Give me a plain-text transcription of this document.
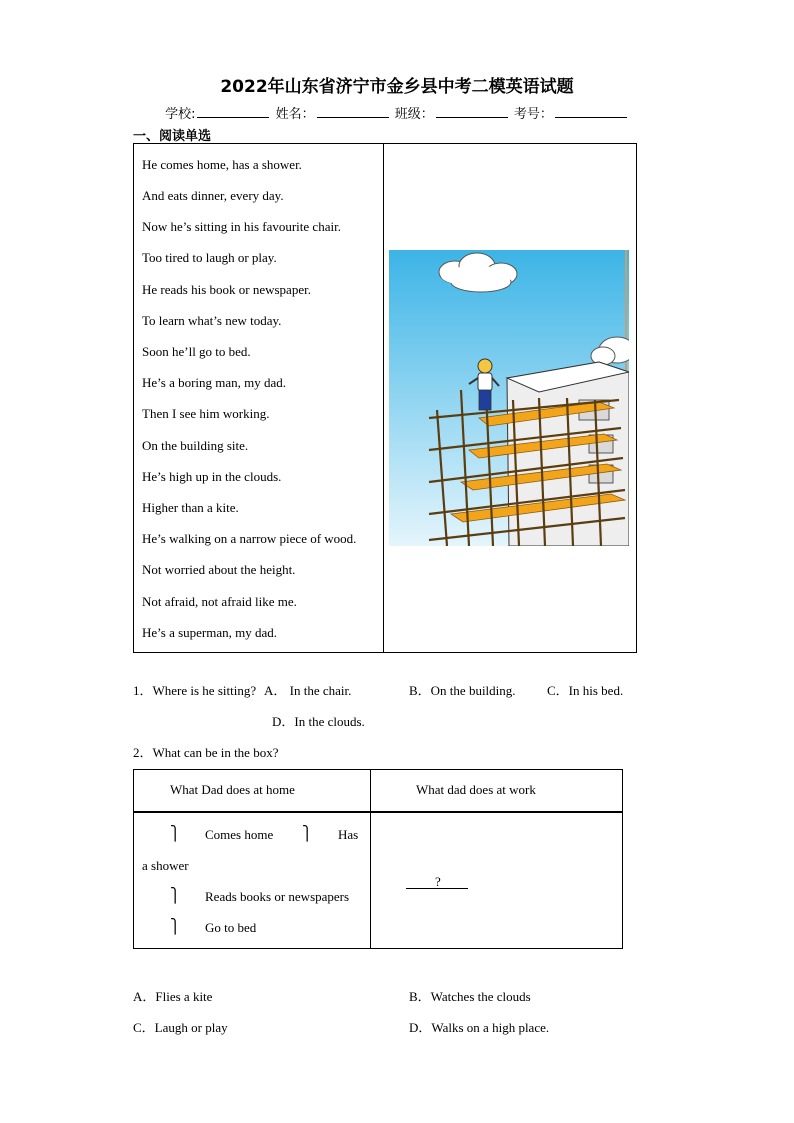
2022年山东省济宁市金乡县中考二模英语试题
学校:	姓名：	班级：	考号：
一、阅读单选
He comes home, has a shower.
And eats dinner, every day.
Now he’s sitting in his favourite chair.
Too tired to laugh or play.
He reads his book or newspaper.
To learn what’s new today.
Soon he’ll go to bed.
He’s a boring man, my dad.
Then I see him working.
On the building site.
He’s high up in the clouds.
Higher than a kite.
He’s walking on a narrow piece of wood.
Not worried about the height.
Not afraid, not afraid like me.
He’s a superman, my dad.
1．Where is he sitting? A． In the chair.	B．On the building. C．In his bed.
D．In the clouds.
2．What can be in the box?
What Dad does at home	What dad does at work
⎫ Comes home ⎫ Has
a shower
⎫ Reads books or newspapers
⎫ Go to bed
?
A．Flies a kite	B．Watches the clouds
C．Laugh or play	D．Walks on a high place.
